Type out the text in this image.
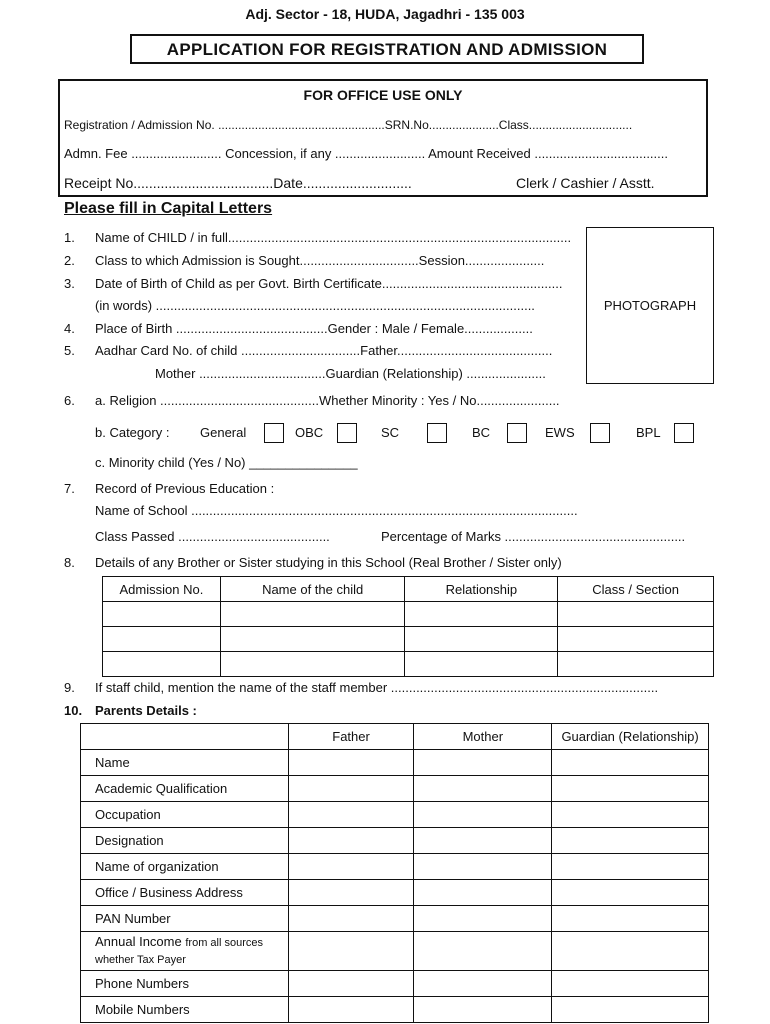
Adj. Sector - 18, HUDA, Jagadhri - 135 003
APPLICATION FOR REGISTRATION AND ADMISSION
FOR OFFICE USE ONLY
Registration / Admission No. ..................................................SRN.No.....................Class...............................
Admn. Fee ......................... Concession, if any ......................... Amount Received .....................................
Receipt No....................................Date............................	Clerk / Cashier / Asstt.
Please fill in Capital Letters
PHOTOGRAPH
1. Name of CHILD / in full...............................................................................................
2. Class to which Admission is Sought.................................Session......................
3. Date of Birth of Child as per Govt. Birth Certificate..................................................
(in words) .........................................................................................................
4. Place of Birth ..........................................Gender : Male / Female...................
5. Aadhar Card No. of child .................................Father...........................................
Mother ...................................Guardian (Relationship) ......................
6. a. Religion ............................................Whether Minority : Yes / No.......................
b. Category : General	OBC	SC	BC	EWS	BPL
c. Minority child (Yes / No) _______________
7. Record of Previous Education :
Name of School ...........................................................................................................
Class Passed ..........................................	Percentage of Marks ..................................................
8. Details of any Brother or Sister studying in this School (Real Brother / Sister only)
Admission No.	Name of the child	Relationship	Class / Section

9. If staff child, mention the name of the staff member ..........................................................................
10. Parents Details :
	Father	Mother	Guardian (Relationship)
Name			
Academic Qualification			
Occupation			
Designation			
Name of organization			
Office / Business Address			
PAN Number			
Annual Income from all sources
whether Tax Payer			
Phone Numbers			
Mobile Numbers			
